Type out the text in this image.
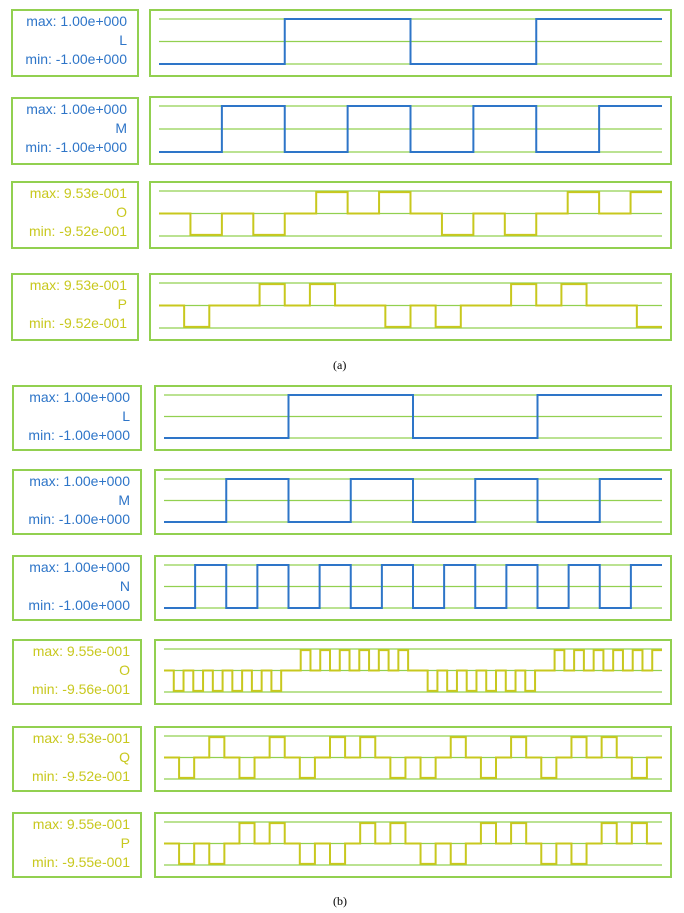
max: 1.00e+000
L
min: -1.00e+000
max: 1.00e+000
M
min: -1.00e+000
max: 9.53e-001
O
min: -9.52e-001
max: 9.53e-001
P
min: -9.52e-001
max: 1.00e+000
L
min: -1.00e+000
max: 1.00e+000
M
min: -1.00e+000
max: 1.00e+000
N
min: -1.00e+000
max: 9.55e-001
O
min: -9.56e-001
max: 9.53e-001
Q
min: -9.52e-001
max: 9.55e-001
P
min: -9.55e-001
(a)
(b)
